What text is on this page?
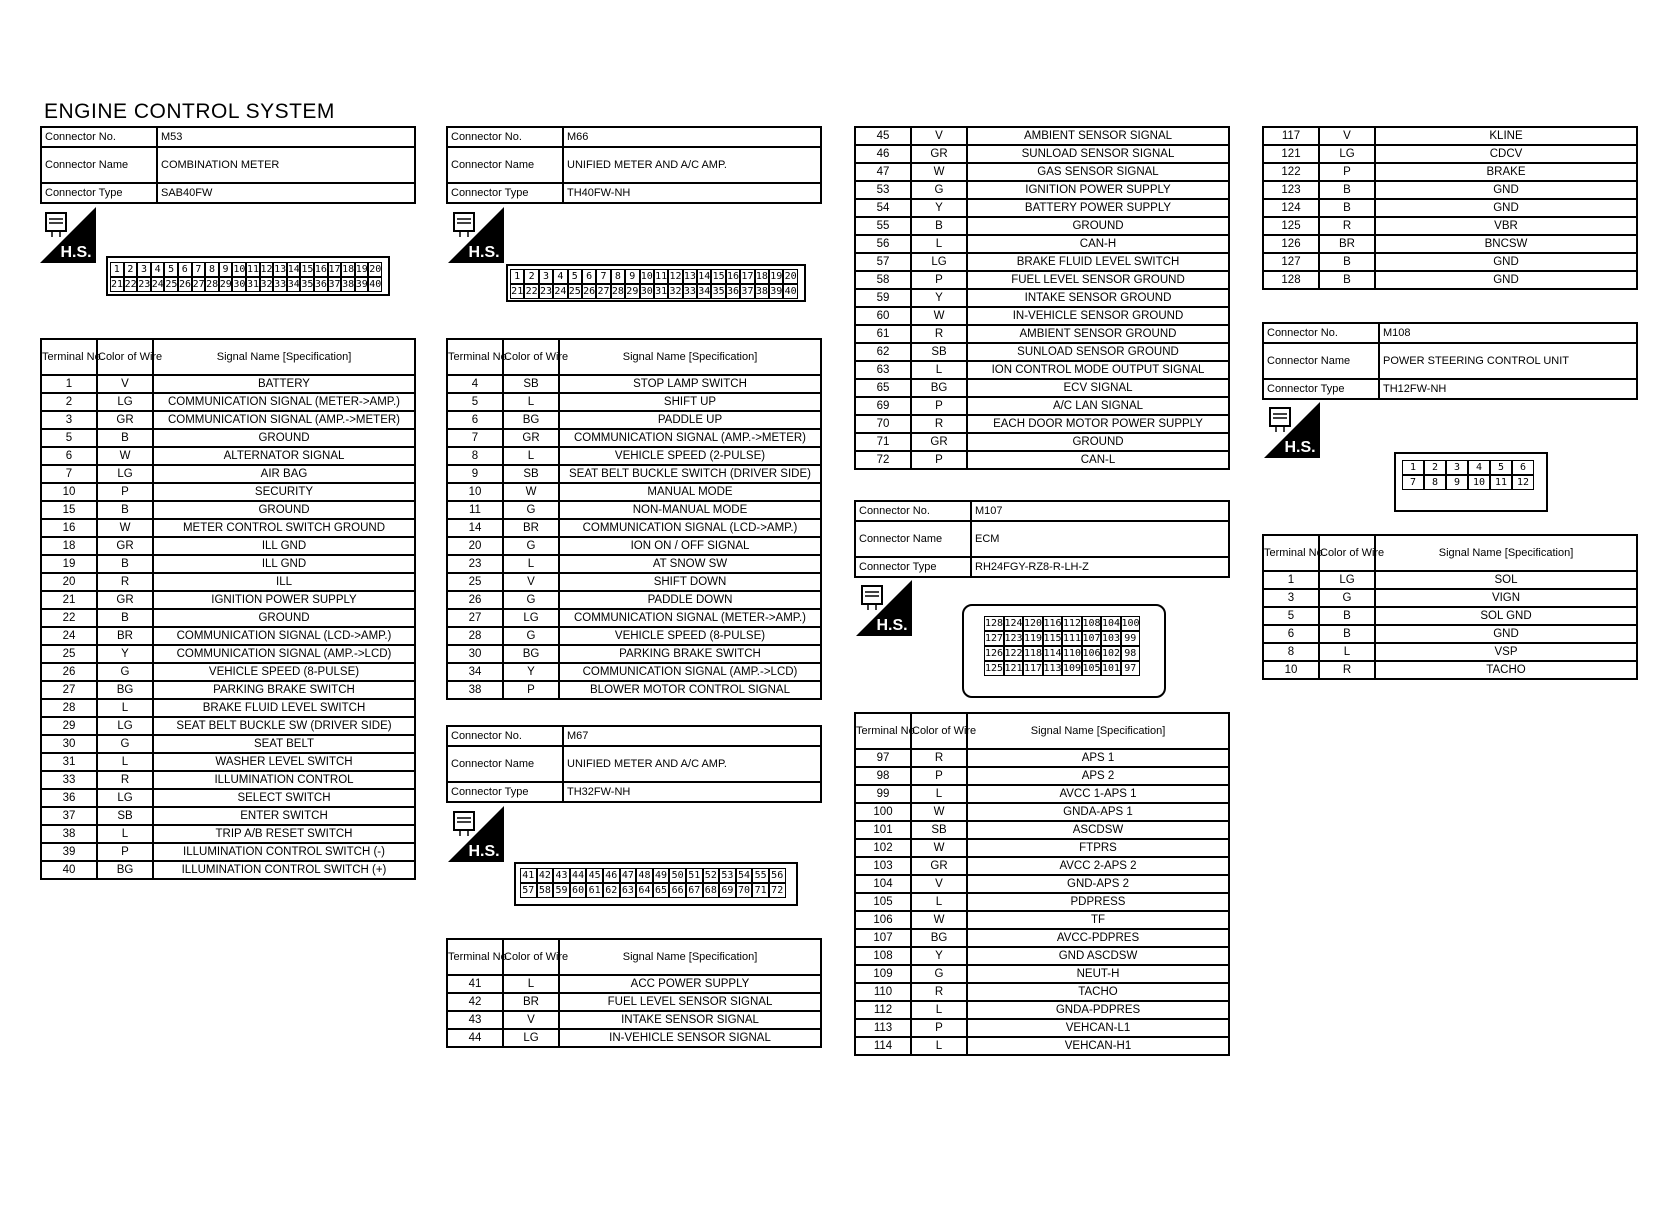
ENGINE CONTROL SYSTEM
Connector No.	M53
Connector Name	COMBINATION METER
Connector Type	SAB40FW
H.S.
1 2 3 4 5 6 7 8 9 10 11 12 13 14 15 16 17 18 19 20
21 22 23 24 25 26 27 28 29 30 31 32 33 34 35 36 37 38 39 40
Terminal No.	Color of Wire	Signal Name [Specification]
1	V	BATTERY
2	LG	COMMUNICATION SIGNAL (METER->AMP.)
3	GR	COMMUNICATION SIGNAL (AMP.->METER)
5	B	GROUND
6	W	ALTERNATOR SIGNAL
7	LG	AIR BAG
10	P	SECURITY
15	B	GROUND
16	W	METER CONTROL SWITCH GROUND
18	GR	ILL GND
19	B	ILL GND
20	R	ILL
21	GR	IGNITION POWER SUPPLY
22	B	GROUND
24	BR	COMMUNICATION SIGNAL (LCD->AMP.)
25	Y	COMMUNICATION SIGNAL (AMP.->LCD)
26	G	VEHICLE SPEED (8-PULSE)
27	BG	PARKING BRAKE SWITCH
28	L	BRAKE FLUID LEVEL SWITCH
29	LG	SEAT BELT BUCKLE SW (DRIVER SIDE)
30	G	SEAT BELT
31	L	WASHER LEVEL SWITCH
33	R	ILLUMINATION CONTROL
36	LG	SELECT SWITCH
37	SB	ENTER SWITCH
38	L	TRIP A/B RESET SWITCH
39	P	ILLUMINATION CONTROL SWITCH (-)
40	BG	ILLUMINATION CONTROL SWITCH (+)
Connector No.	M66
Connector Name	UNIFIED METER AND A/C AMP.
Connector Type	TH40FW-NH
H.S.
1 2 3 4 5 6 7 8 9 10 11 12 13 14 15 16 17 18 19 20
21 22 23 24 25 26 27 28 29 30 31 32 33 34 35 36 37 38 39 40
Terminal No.	Color of Wire	Signal Name [Specification]
4	SB	STOP LAMP SWITCH
5	L	SHIFT UP
6	BG	PADDLE UP
7	GR	COMMUNICATION SIGNAL (AMP.->METER)
8	L	VEHICLE SPEED (2-PULSE)
9	SB	SEAT BELT BUCKLE SWITCH (DRIVER SIDE)
10	W	MANUAL MODE
11	G	NON-MANUAL MODE
14	BR	COMMUNICATION SIGNAL (LCD->AMP.)
20	G	ION ON / OFF SIGNAL
23	L	AT SNOW SW
25	V	SHIFT DOWN
26	G	PADDLE DOWN
27	LG	COMMUNICATION SIGNAL (METER->AMP.)
28	G	VEHICLE SPEED (8-PULSE)
30	BG	PARKING BRAKE SWITCH
34	Y	COMMUNICATION SIGNAL (AMP.->LCD)
38	P	BLOWER MOTOR CONTROL SIGNAL
Connector No.	M67
Connector Name	UNIFIED METER AND A/C AMP.
Connector Type	TH32FW-NH
H.S.
41 42 43 44 45 46 47 48 49 50 51 52 53 54 55 56
57 58 59 60 61 62 63 64 65 66 67 68 69 70 71 72
Terminal No.	Color of Wire	Signal Name [Specification]
41	L	ACC POWER SUPPLY
42	BR	FUEL LEVEL SENSOR SIGNAL
43	V	INTAKE SENSOR SIGNAL
44	LG	IN-VEHICLE SENSOR SIGNAL
45	V	AMBIENT SENSOR SIGNAL
46	GR	SUNLOAD SENSOR SIGNAL
47	W	GAS SENSOR SIGNAL
53	G	IGNITION POWER SUPPLY
54	Y	BATTERY POWER SUPPLY
55	B	GROUND
56	L	CAN-H
57	LG	BRAKE FLUID LEVEL SWITCH
58	P	FUEL LEVEL SENSOR GROUND
59	Y	INTAKE SENSOR GROUND
60	W	IN-VEHICLE SENSOR GROUND
61	R	AMBIENT SENSOR GROUND
62	SB	SUNLOAD SENSOR GROUND
63	L	ION CONTROL MODE OUTPUT SIGNAL
65	BG	ECV SIGNAL
69	P	A/C LAN SIGNAL
70	R	EACH DOOR MOTOR POWER SUPPLY
71	GR	GROUND
72	P	CAN-L
Connector No.	M107
Connector Name	ECM
Connector Type	RH24FGY-RZ8-R-LH-Z
H.S.	128 124 120 116 112 108 104 100
127 123 119 115 111 107 103 99
126 122 118 114 110 106 102 98
125 121 117 113 109 105 101 97
Terminal No.	Color of Wire	Signal Name [Specification]
97	R	APS 1
98	P	APS 2
99	L	AVCC 1-APS 1
100	W	GNDA-APS 1
101	SB	ASCDSW
102	W	FTPRS
103	GR	AVCC 2-APS 2
104	V	GND-APS 2
105	L	PDPRESS
106	W	TF
107	BG	AVCC-PDPRES
108	Y	GND ASCDSW
109	G	NEUT-H
110	R	TACHO
112	L	GNDA-PDPRES
113	P	VEHCAN-L1
114	L	VEHCAN-H1
117	V	KLINE
121	LG	CDCV
122	P	BRAKE
123	B	GND
124	B	GND
125	R	VBR
126	BR	BNCSW
127	B	GND
128	B	GND
Connector No.	M108
Connector Name	POWER STEERING CONTROL UNIT
Connector Type	TH12FW-NH
H.S.
1	2	3	4	5	6
7	8	9	10 11 12
Terminal No.	Color of Wire	Signal Name [Specification]
1	LG	SOL
3	G	VIGN
5	B	SOL GND
6	B	GND
8	L	VSP
10	R	TACHO
